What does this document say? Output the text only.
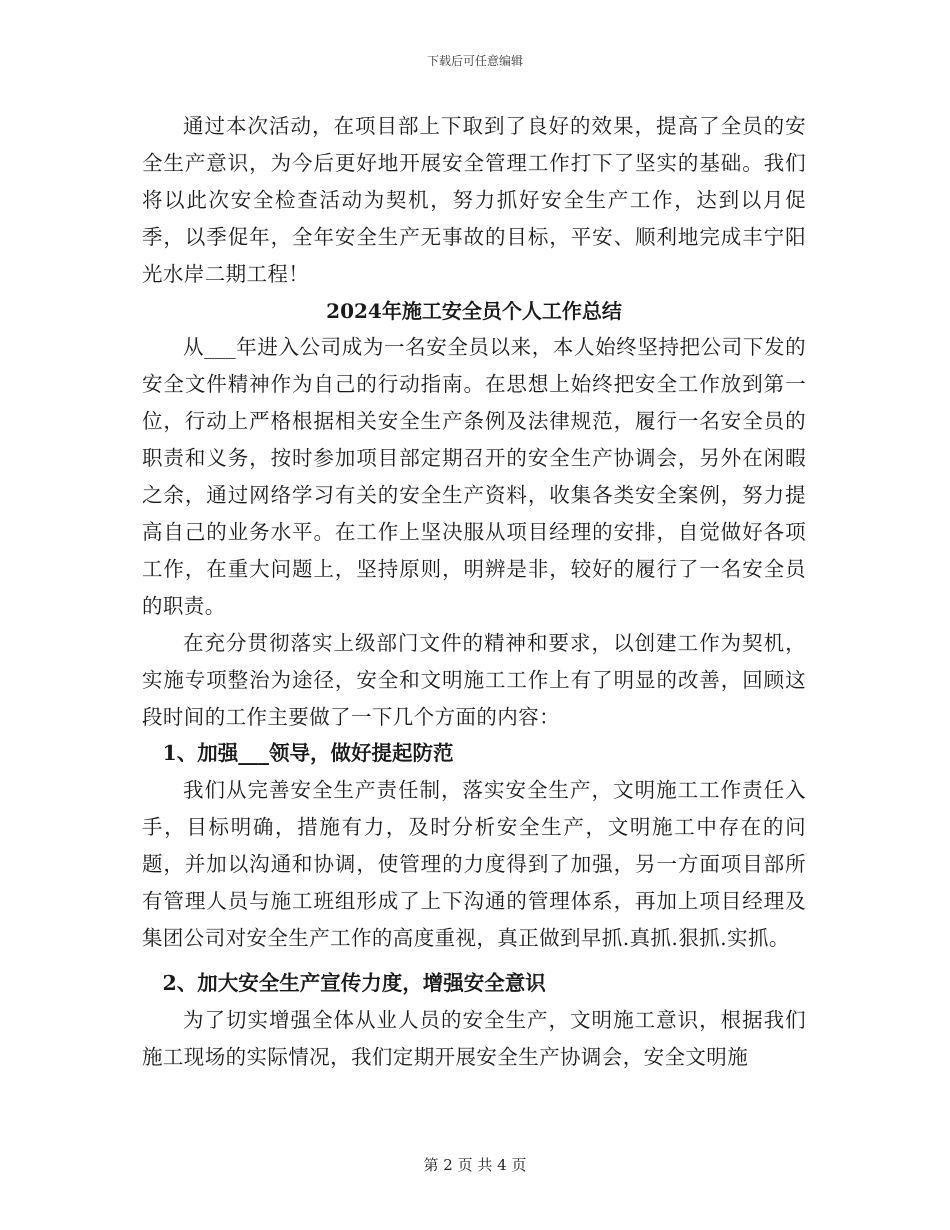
下载后可任意编辑

通过本次活动，在项目部上下取到了良好的效果，提高了全员的安全生产意识，为今后更好地开展安全管理工作打下了坚实的基础。我们将以此次安全检查活动为契机，努力抓好安全生产工作，达到以月促季，以季促年，全年安全生产无事故的目标，平安、顺利地完成丰宁阳光水岸二期工程！

2024年施工安全员个人工作总结

从___年进入公司成为一名安全员以来，本人始终坚持把公司下发的安全文件精神作为自己的行动指南。在思想上始终把安全工作放到第一位，行动上严格根据相关安全生产条例及法律规范，履行一名安全员的职责和义务，按时参加项目部定期召开的安全生产协调会，另外在闲暇之余，通过网络学习有关的安全生产资料，收集各类安全案例，努力提高自己的业务水平。在工作上坚决服从项目经理的安排，自觉做好各项工作，在重大问题上，坚持原则，明辨是非，较好的履行了一名安全员的职责。

在充分贯彻落实上级部门文件的精神和要求，以创建工作为契机，实施专项整治为途径，安全和文明施工工作上有了明显的改善，回顾这段时间的工作主要做了一下几个方面的内容：

1、加强___领导，做好提起防范

我们从完善安全生产责任制，落实安全生产，文明施工工作责任入手，目标明确，措施有力，及时分析安全生产，文明施工中存在的问题，并加以沟通和协调，使管理的力度得到了加强，另一方面项目部所有管理人员与施工班组形成了上下沟通的管理体系，再加上项目经理及集团公司对安全生产工作的高度重视，真正做到早抓.真抓.狠抓.实抓。

2、加大安全生产宣传力度，增强安全意识

为了切实增强全体从业人员的安全生产，文明施工意识，根据我们施工现场的实际情况，我们定期开展安全生产协调会，安全文明施

第 2 页 共 4 页
